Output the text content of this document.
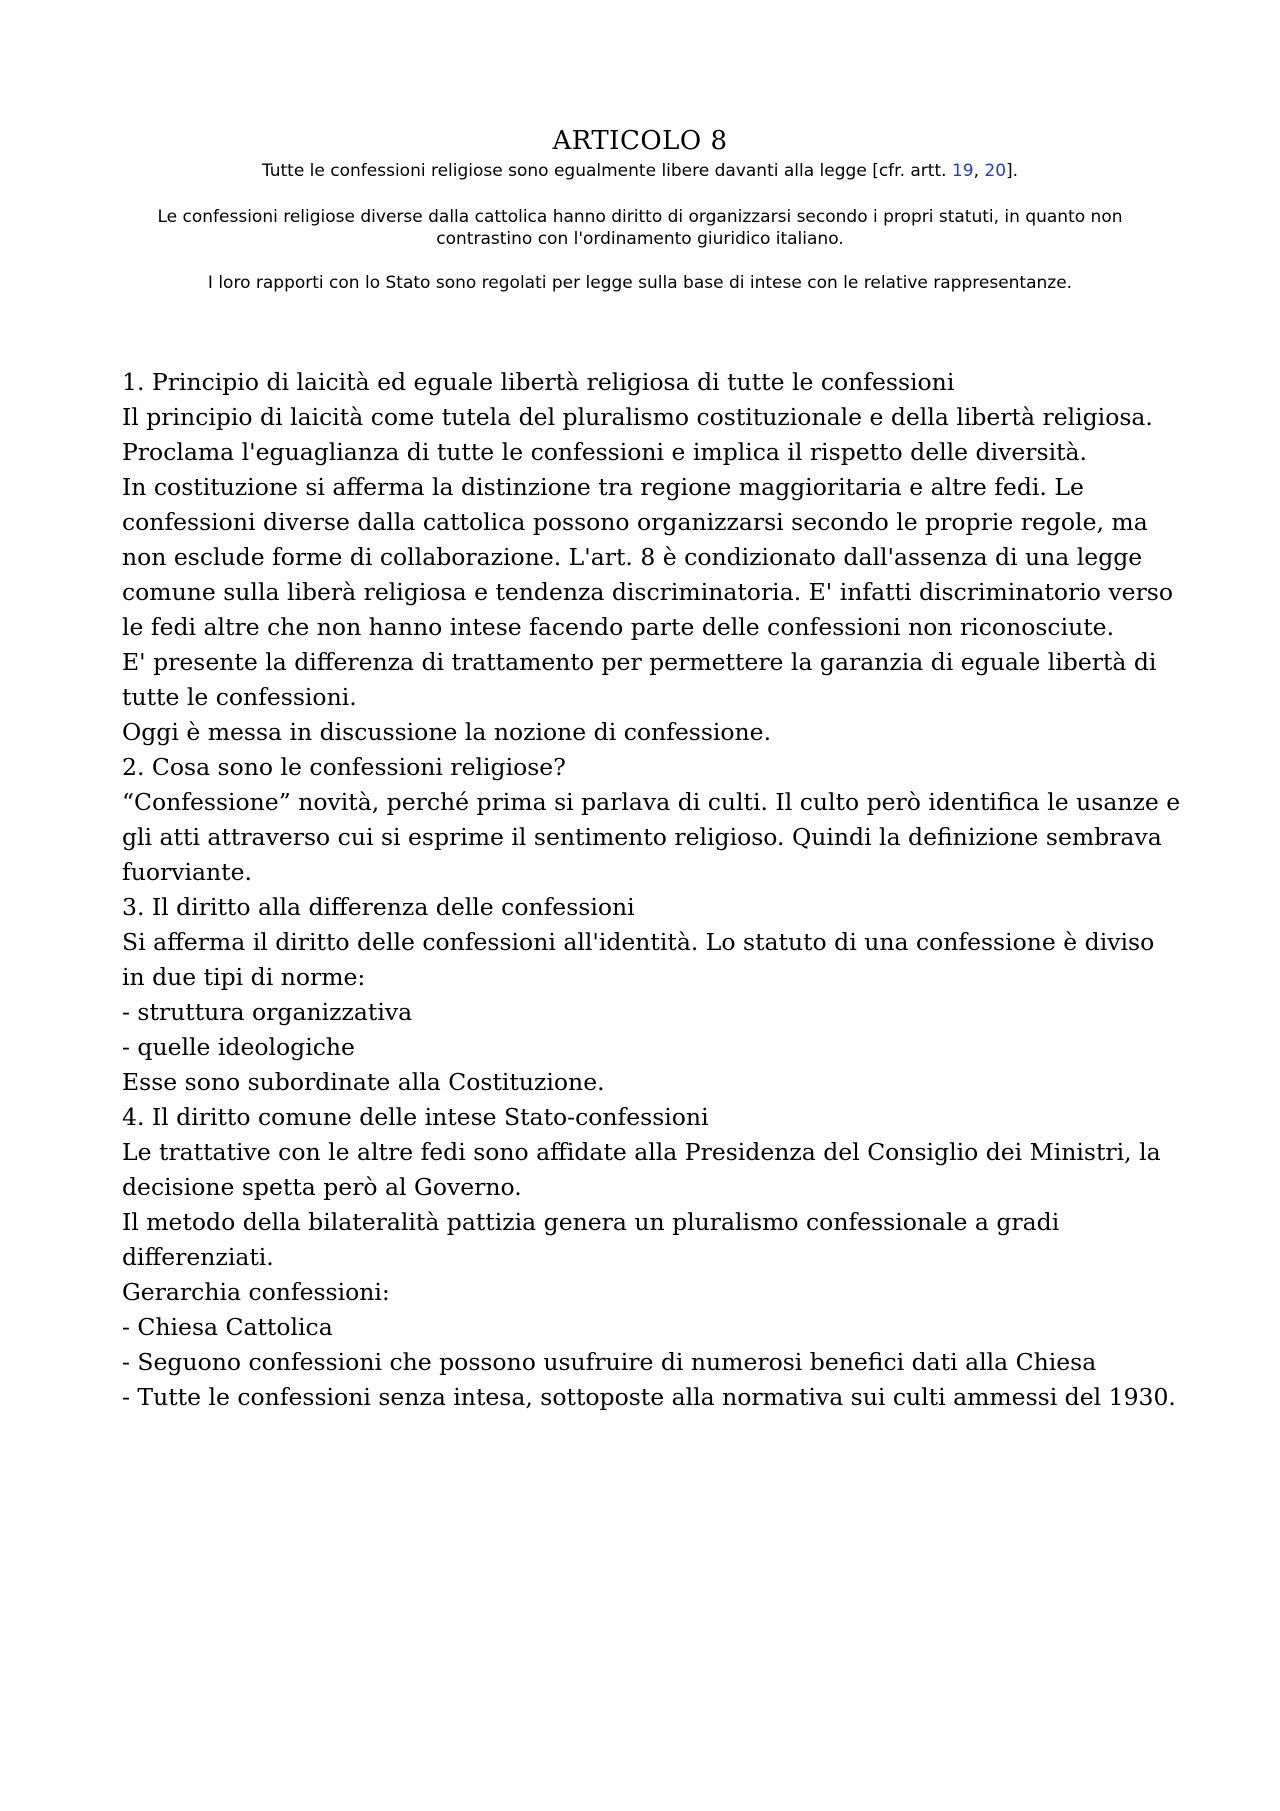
ARTICOLO 8

Tutte le confessioni religiose sono egualmente libere davanti alla legge [cfr. artt. 19, 20].

Le confessioni religiose diverse dalla cattolica hanno diritto di organizzarsi secondo i propri statuti, in quanto non contrastino con l'ordinamento giuridico italiano.

I loro rapporti con lo Stato sono regolati per legge sulla base di intese con le relative rappresentanze.

1. Principio di laicità ed eguale libertà religiosa di tutte le confessioni

Il principio di laicità come tutela del pluralismo costituzionale e della libertà religiosa. Proclama l'eguaglianza di tutte le confessioni e implica il rispetto delle diversità.

In costituzione si afferma la distinzione tra regione maggioritaria e altre fedi. Le confessioni diverse dalla cattolica possono organizzarsi secondo le proprie regole, ma non esclude forme di collaborazione. L'art. 8 è condizionato dall'assenza di una legge comune sulla liberà religiosa e tendenza discriminatoria. E' infatti discriminatorio verso le fedi altre che non hanno intese facendo parte delle confessioni non riconosciute.

E' presente la differenza di trattamento per permettere la garanzia di eguale libertà di tutte le confessioni.

Oggi è messa in discussione la nozione di confessione.

2. Cosa sono le confessioni religiose?

“Confessione” novità, perché prima si parlava di culti. Il culto però identifica le usanze e gli atti attraverso cui si esprime il sentimento religioso. Quindi la definizione sembrava fuorviante.

3. Il diritto alla differenza delle confessioni

Si afferma il diritto delle confessioni all'identità. Lo statuto di una confessione è diviso in due tipi di norme:

- struttura organizzativa

- quelle ideologiche

Esse sono subordinate alla Costituzione.

4. Il diritto comune delle intese Stato-confessioni

Le trattative con le altre fedi sono affidate alla Presidenza del Consiglio dei Ministri, la decisione spetta però al Governo.

Il metodo della bilateralità pattizia genera un pluralismo confessionale a gradi differenziati.

Gerarchia confessioni:

- Chiesa Cattolica

- Seguono confessioni che possono usufruire di numerosi benefici dati alla Chiesa

- Tutte le confessioni senza intesa, sottoposte alla normativa sui culti ammessi del 1930.
